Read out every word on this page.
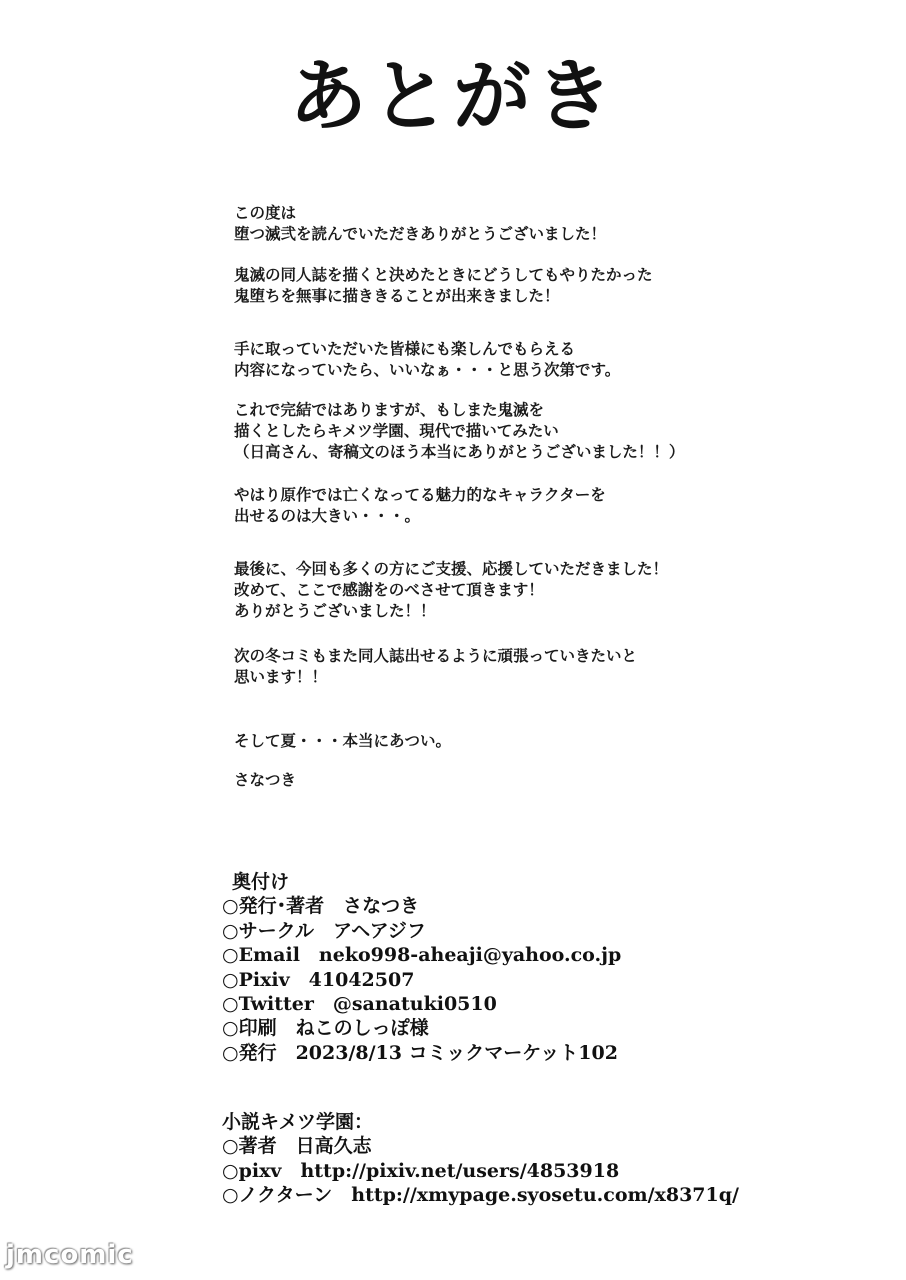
あとがき
この度は
堕つ滅弐を読んでいただきありがとうございました！
鬼滅の同人誌を描くと決めたときにどうしてもやりたかった
鬼堕ちを無事に描ききることが出来きました！
手に取っていただいた皆様にも楽しんでもらえる
内容になっていたら、いいなぁ・・・と思う次第です。
これで完結ではありますが、もしまた鬼滅を
描くとしたらキメツ学園、現代で描いてみたい
（日高さん、寄稿文のほう本当にありがとうございました！！）
やはり原作では亡くなってる魅力的なキャラクターを
出せるのは大きい・・・。
最後に、今回も多くの方にご支援、応援していただきました！
改めて、ここで感謝をのべさせて頂きます！
ありがとうございました！！
次の冬コミもまた同人誌出せるように頑張っていきたいと
思います！！
そして夏・・・本当にあつい。
さなつき
奥付け
○発行･著者　さなつき
○サークル　アヘアジフ
○Email　neko998-aheaji@yahoo.co.jp
○Pixiv　41042507
○Twitter　@sanatuki0510
○印刷　ねこのしっぽ様
○発行　2023/8/13 コミックマーケット102
小説キメツ学園：
○著者　日高久志
○pixv　http://pixiv.net/users/4853918
○ノクターン　http://xmypage.syosetu.com/x8371q/
jmcomic
